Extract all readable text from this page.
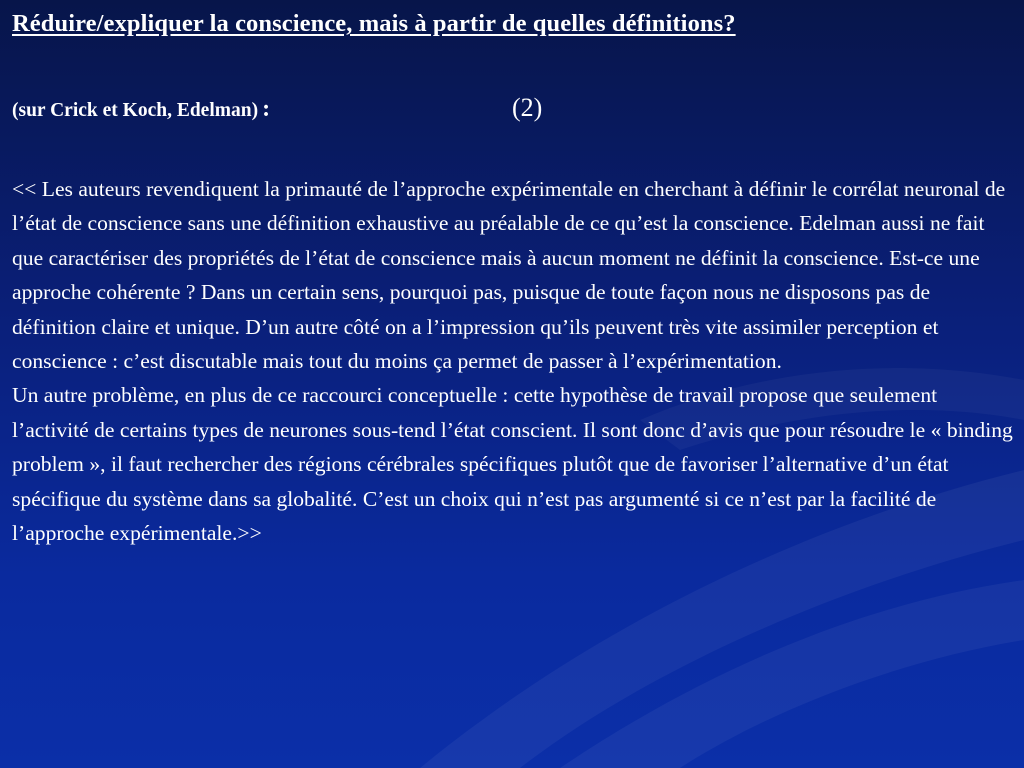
Réduire/expliquer la conscience, mais à partir de quelles définitions?
(sur Crick et Koch, Edelman) :	(2)

<< Les auteurs revendiquent la primauté de l’approche expérimentale en cherchant à définir le corrélat neuronal de l’état de conscience sans une définition exhaustive au préalable de ce qu’est la conscience. Edelman aussi ne fait que caractériser des propriétés de l’état de conscience mais à aucun moment ne définit la conscience. Est-ce une approche cohérente ? Dans un certain sens, pourquoi pas, puisque de toute façon nous ne disposons pas de définition claire et unique. D’un autre côté on a l’impression qu’ils peuvent très vite assimiler perception et conscience : c’est discutable mais tout du moins ça permet de passer à l’expérimentation.

Un autre problème, en plus de ce raccourci conceptuelle : cette hypothèse de travail propose que seulement l’activité de certains types de neurones sous-tend l’état conscient. Il sont donc d’avis que pour résoudre le « binding problem », il faut rechercher des régions cérébrales spécifiques plutôt que de favoriser l’alternative d’un état spécifique du système dans sa globalité. C’est un choix qui n’est pas argumenté si ce n’est par la facilité de l’approche expérimentale.>>
